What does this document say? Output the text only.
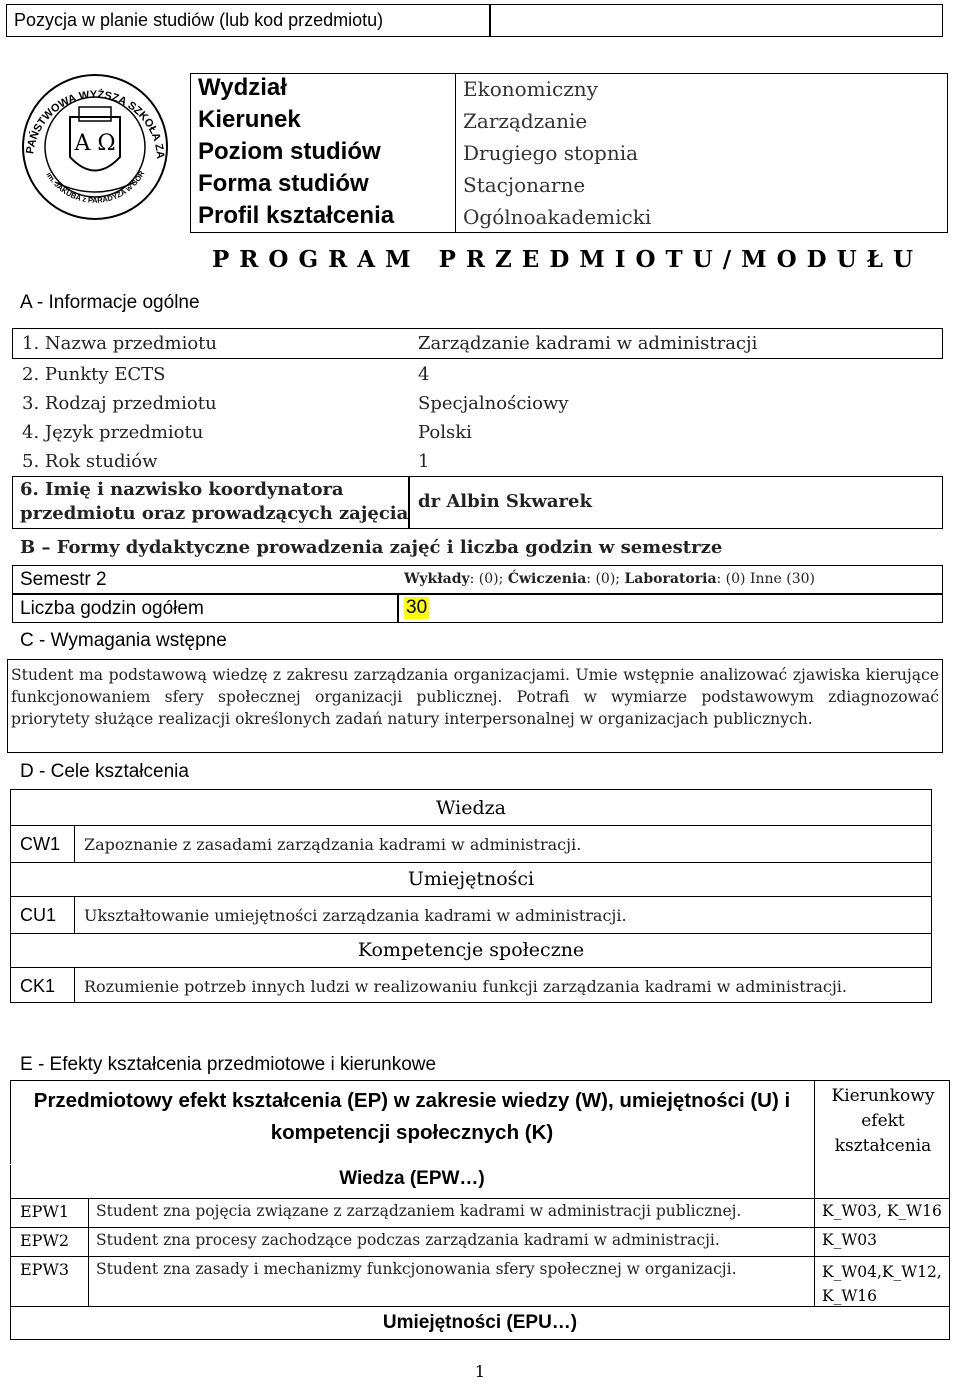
Pozycja w planie studiów (lub kod przedmiotu)
PAŃSTWOWA WYŻSZA SZKOŁA ZA
im. JAKUBA z PARADYŻA w GOR
A Ω
Wydział	Ekonomiczny
Kierunek	Zarządzanie
Poziom studiów	Drugiego stopnia
Forma studiów	Stacjonarne
Profil kształcenia	Ogólnoakademicki
P R O G R A M   P R Z E D M I O T U / M O D U Ł U
A - Informacje ogólne
1. Nazwa przedmiotu	Zarządzanie kadrami w administracji
2. Punkty ECTS	4
3. Rodzaj przedmiotu	Specjalnościowy
4. Język przedmiotu	Polski
5. Rok studiów	1
6. Imię i nazwisko koordynatora
przedmiotu oraz prowadzących zajęcia
dr Albin Skwarek
B – Formy dydaktyczne prowadzenia zajęć i liczba godzin w semestrze
Semestr 2	Wykłady: (0); Ćwiczenia: (0); Laboratoria: (0) Inne (30)
Liczba godzin ogółem	30
C - Wymagania wstępne
Student ma podstawową wiedzę z zakresu zarządzania organizacjami. Umie wstępnie analizować zjawiska kierujące funkcjonowaniem sfery społecznej organizacji publicznej. Potrafi w wymiarze podstawowym zdiagnozować priorytety służące realizacji określonych zadań natury interpersonalnej w organizacjach publicznych.
D - Cele kształcenia
Wiedza
CW1 Zapoznanie z zasadami zarządzania kadrami w administracji.
Umiejętności
CU1 Ukształtowanie umiejętności zarządzania kadrami w administracji.
Kompetencje społeczne
CK1 Rozumienie potrzeb innych ludzi w realizowaniu funkcji zarządzania kadrami w administracji.
E - Efekty kształcenia przedmiotowe i kierunkowe
Przedmiotowy efekt kształcenia (EP) w zakresie wiedzy (W), umiejętności (U) i kompetencji społecznych (K)
Kierunkowy efekt kształcenia
Wiedza (EPW…)
EPW1 Student zna pojęcia związane z zarządzaniem kadrami w administracji publicznej.	K_W03, K_W16
EPW2 Student zna procesy zachodzące podczas zarządzania kadrami w administracji.	K_W03
EPW3 Student zna zasady i mechanizmy funkcjonowania sfery społecznej w organizacji.	K_W04,K_W12, K_W16
Umiejętności (EPU…)
1
